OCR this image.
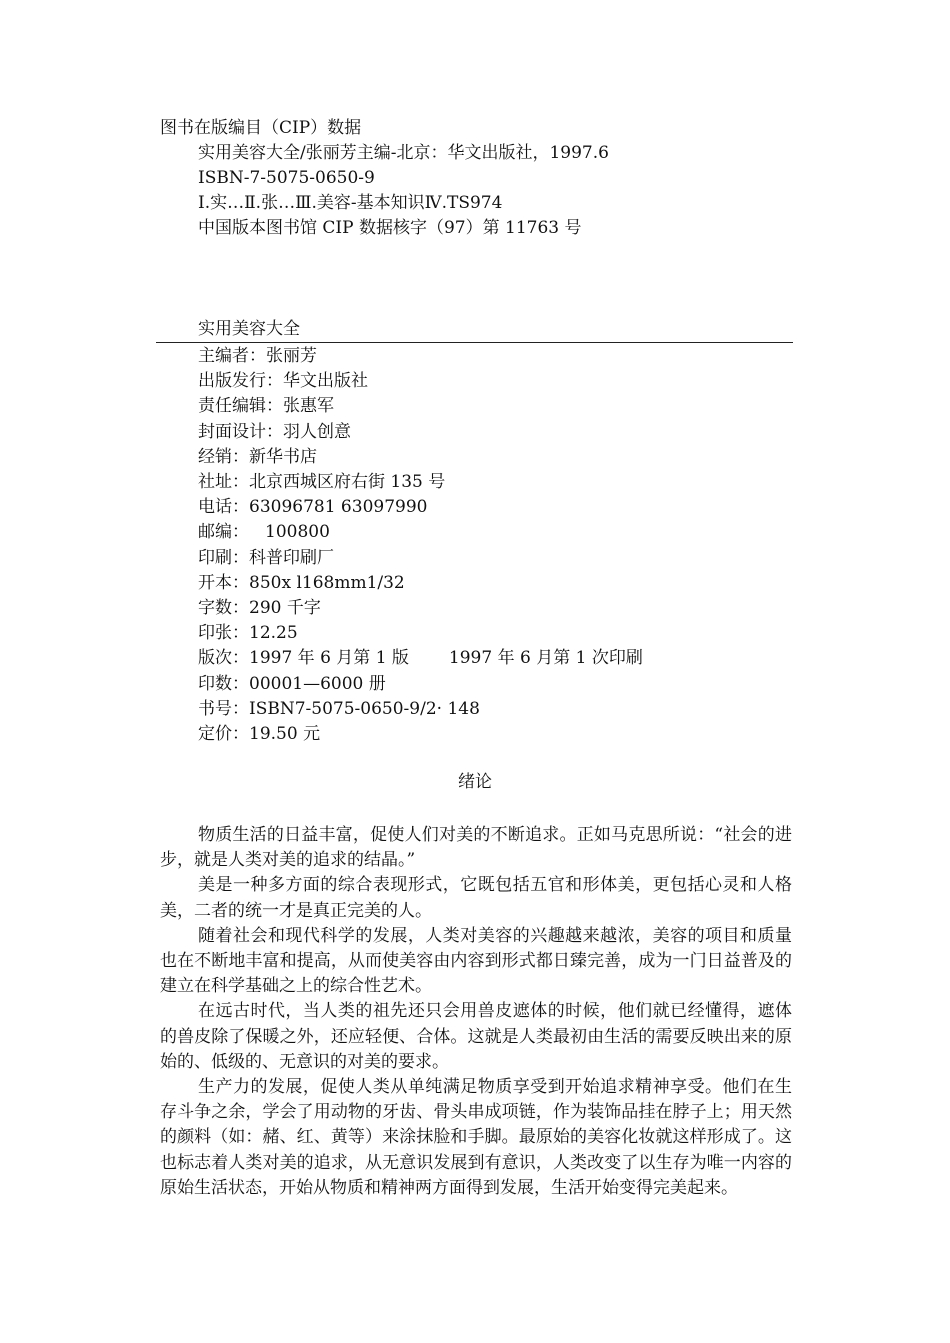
图书在版编目（CIP）数据
实用美容大全/张丽芳主编-北京：华文出版社，1997.6
ISBN-7-5075-0650-9
Ⅰ.实…Ⅱ.张…Ⅲ.美容-基本知识Ⅳ.TS974
中国版本图书馆 CIP 数据核字（97）第 11763 号
实用美容大全
主编者：张丽芳
出版发行：华文出版社
责任编辑：张惠军
封面设计：羽人创意
经销：新华书店
社址：北京西城区府右街 135 号
电话：63096781 63097990
邮编： 100800
印刷：科普印刷厂
开本：850x l168mm1/32
字数：290 千字
印张：12.25
版次：1997 年 6 月第 1 版 1997 年 6 月第 1 次印刷
印数：00001—6000 册
书号：ISBN7-5075-0650-9/2· 148
定价：19.50 元
绪论

物质生活的日益丰富，促使人们对美的不断追求。正如马克思所说：“社会的进步，就是人类对美的追求的结晶。”

美是一种多方面的综合表现形式，它既包括五官和形体美，更包括心灵和人格美，二者的统一才是真正完美的人。

随着社会和现代科学的发展，人类对美容的兴趣越来越浓，美容的项目和质量也在不断地丰富和提高，从而使美容由内容到形式都日臻完善，成为一门日益普及的建立在科学基础之上的综合性艺术。

在远古时代，当人类的祖先还只会用兽皮遮体的时候，他们就已经懂得，遮体的兽皮除了保暖之外，还应轻便、合体。这就是人类最初由生活的需要反映出来的原始的、低级的、无意识的对美的要求。

生产力的发展，促使人类从单纯满足物质享受到开始追求精神享受。他们在生存斗争之余，学会了用动物的牙齿、骨头串成项链，作为装饰品挂在脖子上；用天然的颜料（如：赭、红、黄等）来涂抹脸和手脚。最原始的美容化妆就这样形成了。这也标志着人类对美的追求，从无意识发展到有意识，人类改变了以生存为唯一内容的原始生活状态，开始从物质和精神两方面得到发展，生活开始变得完美起来。
